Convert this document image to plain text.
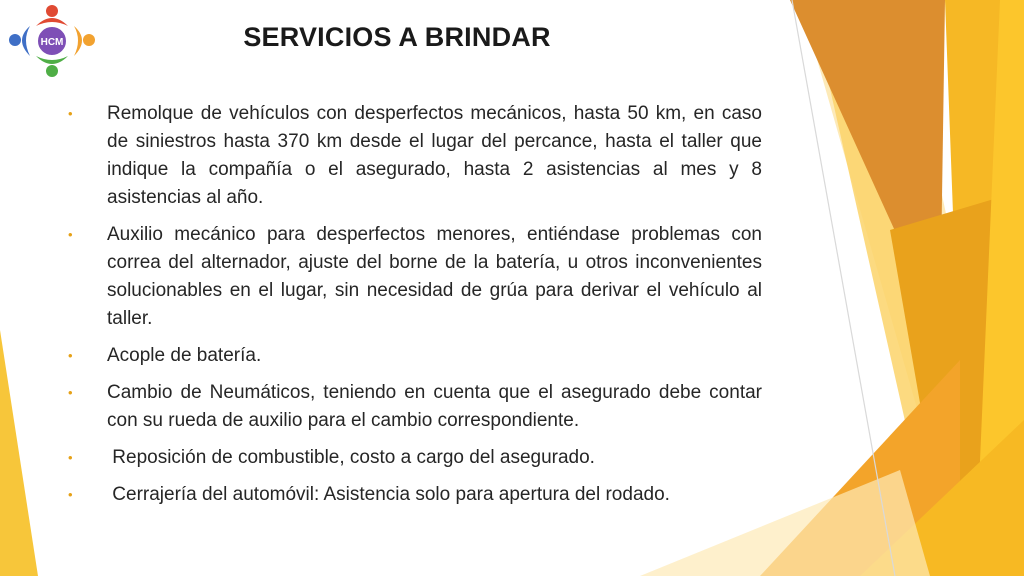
HCM	SERVICIOS A BRINDAR
• Remolque de vehículos con desperfectos mecánicos, hasta 50 km, en caso de siniestros hasta 370 km desde el lugar del percance, hasta el taller que indique la compañía o el asegurado, hasta 2 asistencias al mes y 8 asistencias al año.
• Auxilio mecánico para desperfectos menores, entiéndase problemas con correa del alternador, ajuste del borne de la batería, u otros inconvenientes solucionables en el lugar, sin necesidad de grúa para derivar el vehículo al taller.
• Acople de batería.
• Cambio de Neumáticos, teniendo en cuenta que el asegurado debe contar con su rueda de auxilio para el cambio correspondiente.
• Reposición de combustible, costo a cargo del asegurado.
• Cerrajería del automóvil: Asistencia solo para apertura del rodado.
